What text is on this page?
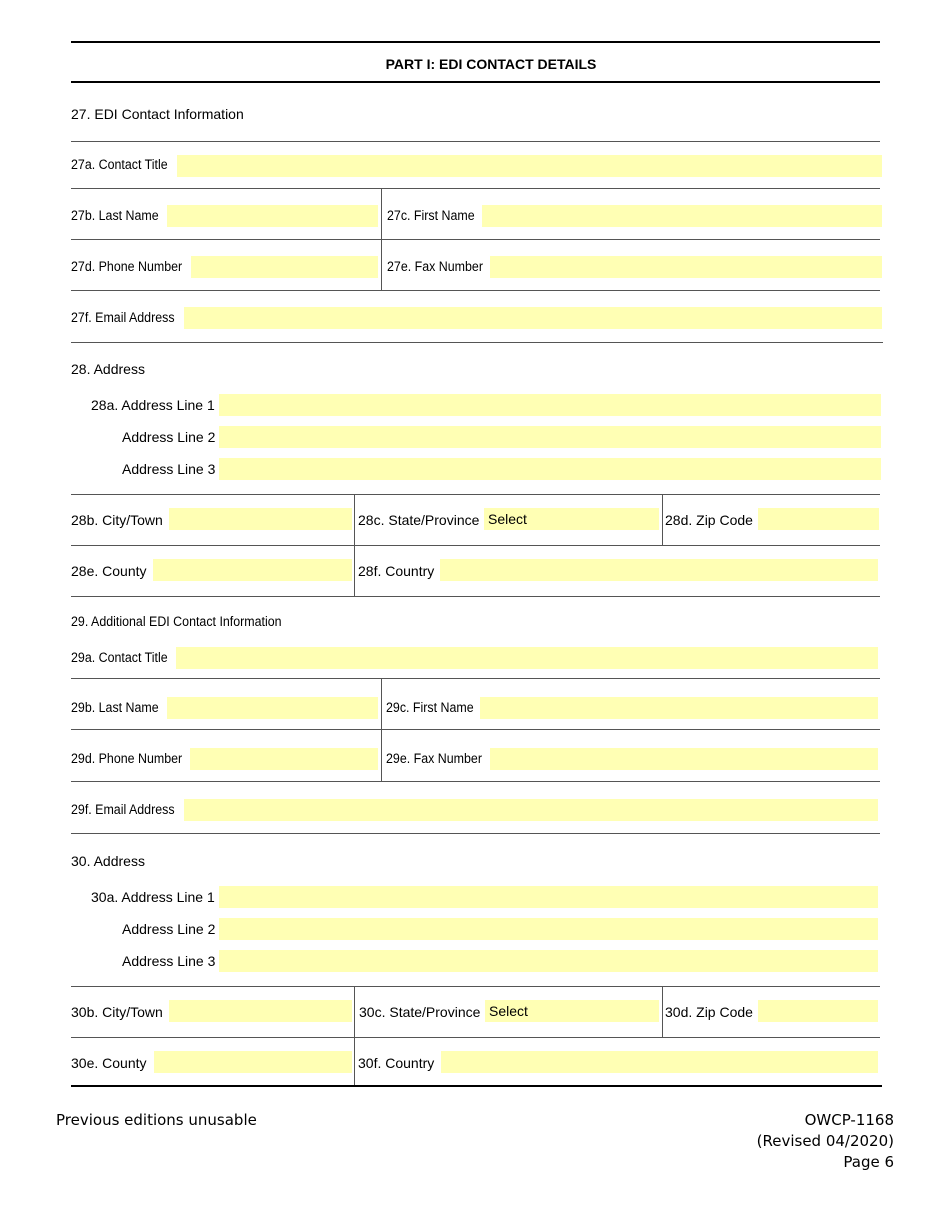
PART I: EDI CONTACT DETAILS
27. EDI Contact Information
27a. Contact Title
27b. Last Name	27c. First Name
27d. Phone Number	27e. Fax Number
27f. Email Address
28. Address
28a. Address Line 1
Address Line 2
Address Line 3
28b. City/Town	28c. State/Province Select	28d. Zip Code
28e. County	28f. Country
29. Additional EDI Contact Information
29a. Contact Title
29b. Last Name	29c. First Name
29d. Phone Number	29e. Fax Number
29f. Email Address
30. Address
30a. Address Line 1
Address Line 2
Address Line 3
30b. City/Town	30c. State/Province Select	30d. Zip Code
30e. County	30f. Country
Previous editions unusable	OWCP-1168
(Revised 04/2020)
Page 6
